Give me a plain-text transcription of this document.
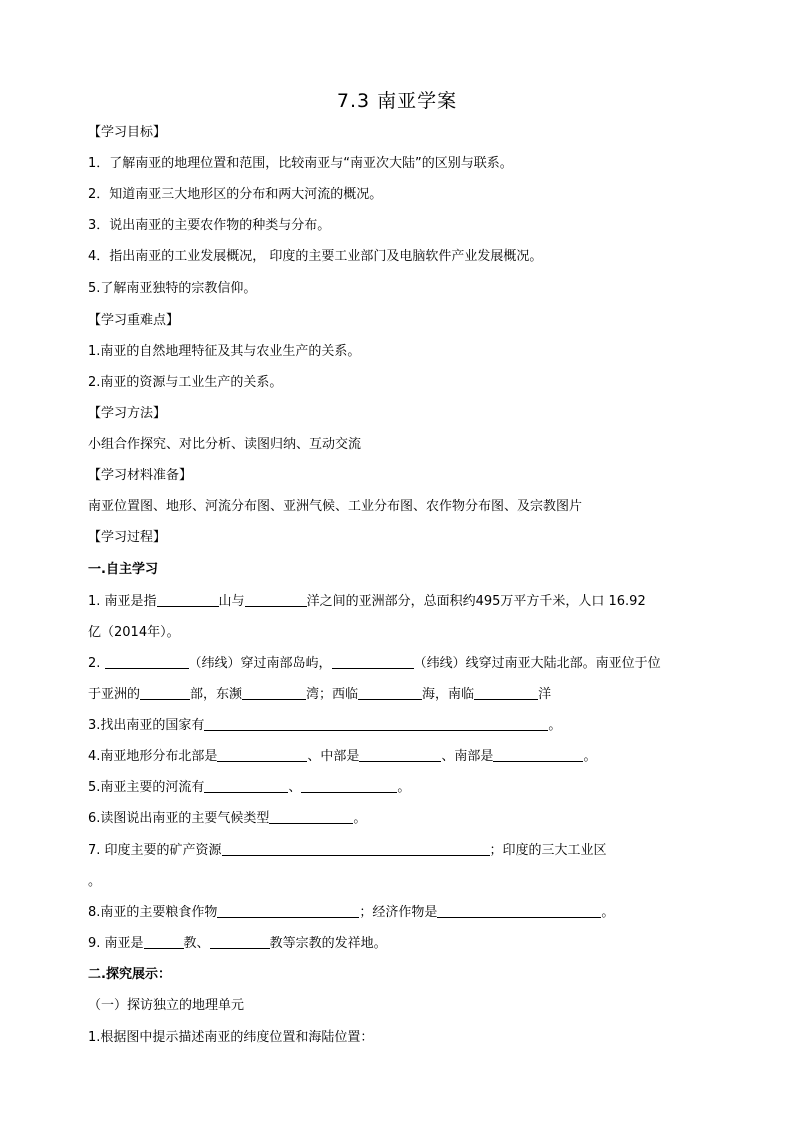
7.3 南亚学案
【学习目标】
1．了解南亚的地理位置和范围，比较南亚与“南亚次大陆”的区别与联系。
2．知道南亚三大地形区的分布和两大河流的概况。
3．说出南亚的主要农作物的种类与分布。
4．指出南亚的工业发展概况， 印度的主要工业部门及电脑软件产业发展概况。
5.了解南亚独特的宗教信仰。
【学习重难点】
1.南亚的自然地理特征及其与农业生产的关系。
2.南亚的资源与工业生产的关系。
【学习方法】
小组合作探究、对比分析、读图归纳、互动交流
【学习材料准备】
南亚位置图、地形、河流分布图、亚洲气候、工业分布图、农作物分布图、及宗教图片
【学习过程】
一.自主学习
1. 南亚是指	山与	洋之间的亚洲部分，总面积约495万平方千米，人口 16.92
亿（2014年）。
2.	（纬线）穿过南部岛屿，	（纬线）线穿过南亚大陆北部。南亚位于位
于亚洲的	部，东濒	湾；西临	海，南临	洋
3.找出南亚的国家有	。
4.南亚地形分布北部是	、中部是	、南部是	。
5.南亚主要的河流有	、	。
6.读图说出南亚的主要气候类型	。
7. 印度主要的矿产资源	；印度的三大工业区
。
8.南亚的主要粮食作物	；经济作物是	。
9. 南亚是	教、	教等宗教的发祥地。
二.探究展示：
（一）探访独立的地理单元
1.根据图中提示描述南亚的纬度位置和海陆位置：
